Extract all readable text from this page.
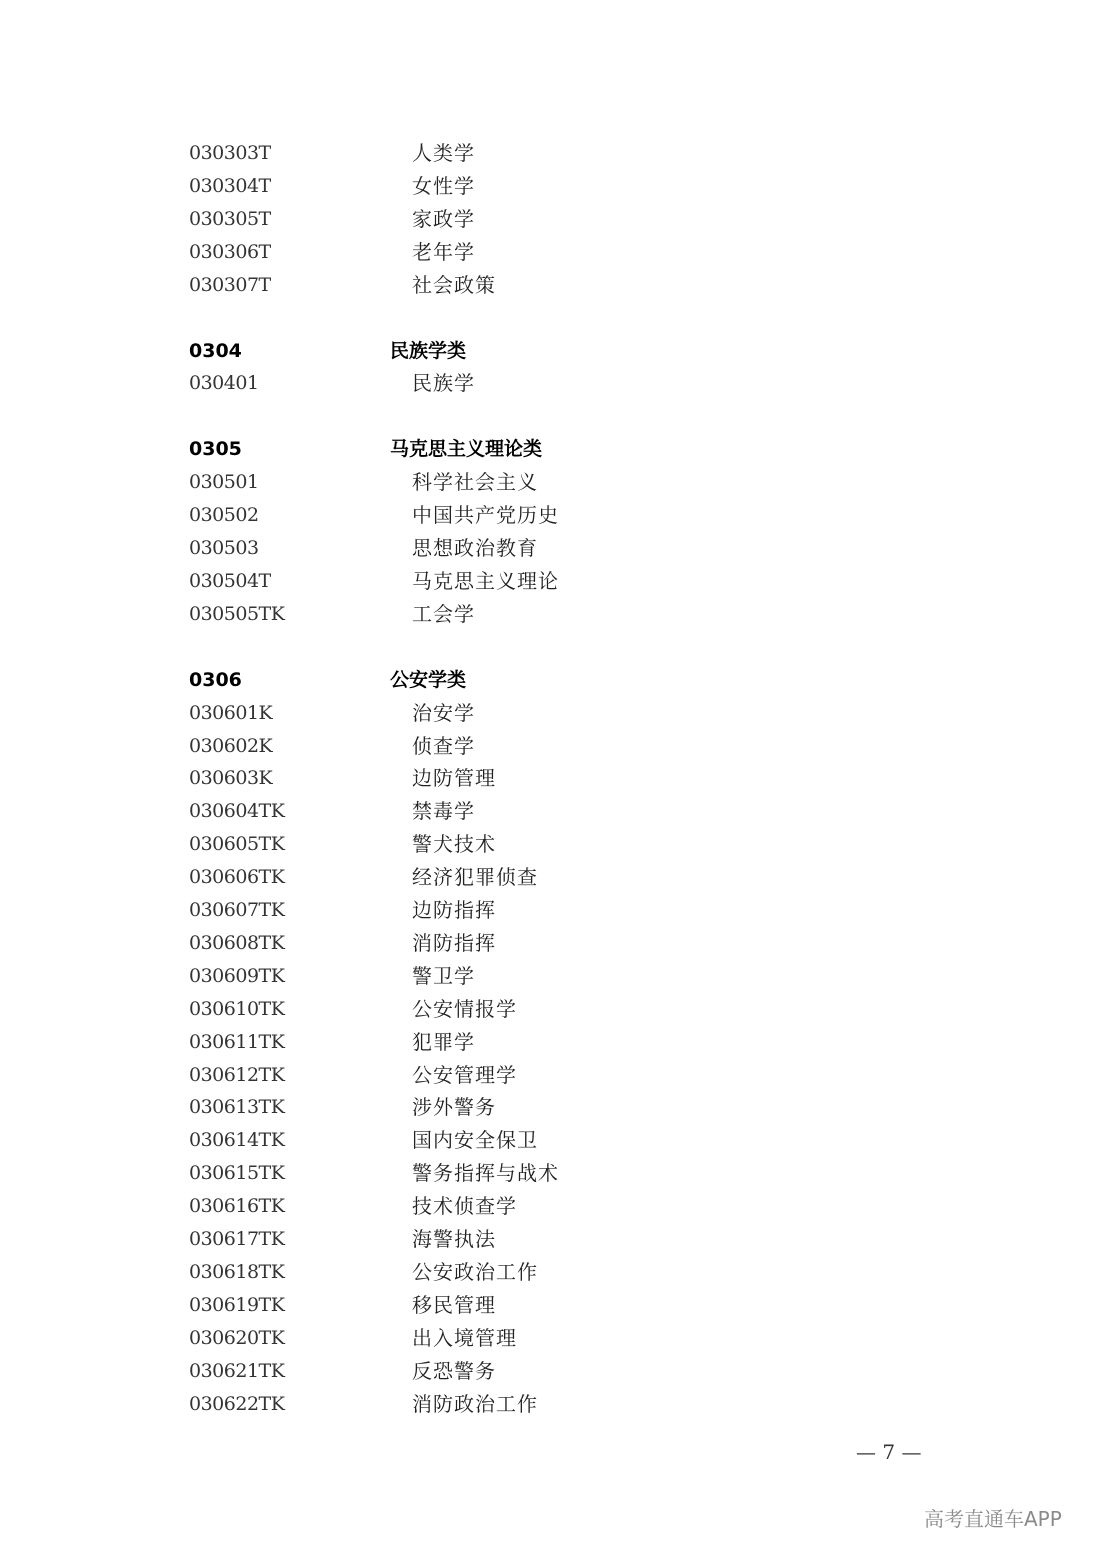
030303T	人类学
030304T	女性学
030305T	家政学
030306T	老年学
030307T	社会政策
0304	民族学类
030401	民族学
0305	马克思主义理论类
030501	科学社会主义
030502	中国共产党历史
030503	思想政治教育
030504T	马克思主义理论
030505TK	工会学
0306	公安学类
030601K	治安学
030602K	侦查学
030603K	边防管理
030604TK	禁毒学
030605TK	警犬技术
030606TK	经济犯罪侦查
030607TK	边防指挥
030608TK	消防指挥
030609TK	警卫学
030610TK	公安情报学
030611TK	犯罪学
030612TK	公安管理学
030613TK	涉外警务
030614TK	国内安全保卫
030615TK	警务指挥与战术
030616TK	技术侦查学
030617TK	海警执法
030618TK	公安政治工作
030619TK	移民管理
030620TK	出入境管理
030621TK	反恐警务
030622TK	消防政治工作
— 7 —
高考直通车APP
